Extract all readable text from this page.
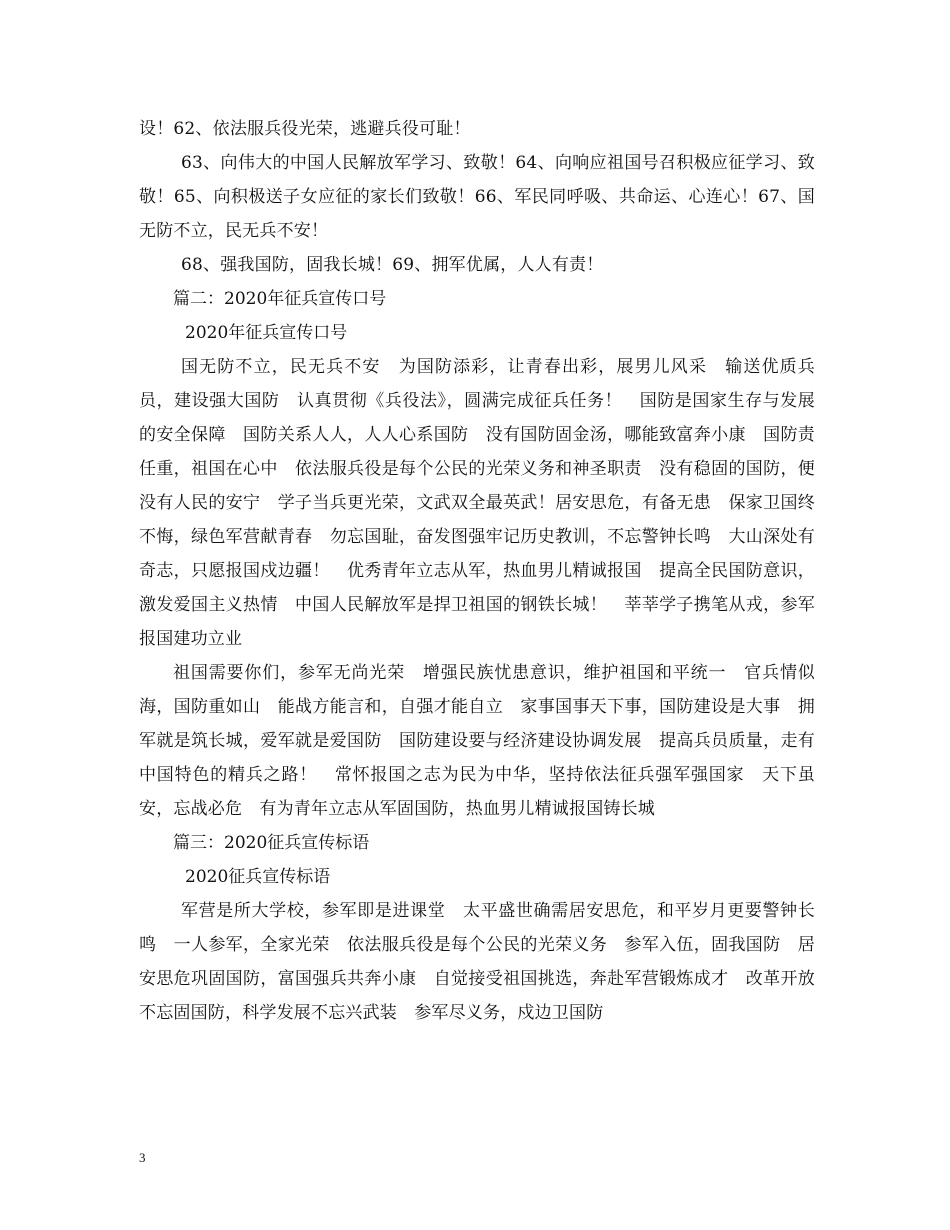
设！62、依法服兵役光荣，逃避兵役可耻！

63、向伟大的中国人民解放军学习、致敬！64、向响应祖国号召积极应征学习、致敬！65、向积极送子女应征的家长们致敬！66、军民同呼吸、共命运、心连心！67、国无防不立，民无兵不安！

68、强我国防，固我长城！69、拥军优属，人人有责！

篇二：2020年征兵宣传口号

2020年征兵宣传口号

国无防不立，民无兵不安　为国防添彩，让青春出彩，展男儿风采　输送优质兵员，建设强大国防　认真贯彻《兵役法》，圆满完成征兵任务！　国防是国家生存与发展的安全保障　国防关系人人，人人心系国防　没有国防固金汤，哪能致富奔小康　国防责任重，祖国在心中　依法服兵役是每个公民的光荣义务和神圣职责　没有稳固的国防，便没有人民的安宁　学子当兵更光荣，文武双全最英武！居安思危，有备无患　保家卫国终不悔，绿色军营献青春　勿忘国耻，奋发图强牢记历史教训，不忘警钟长鸣　大山深处有奇志，只愿报国戍边疆！　优秀青年立志从军，热血男儿精诚报国　提高全民国防意识，激发爱国主义热情　中国人民解放军是捍卫祖国的钢铁长城！　莘莘学子携笔从戎，参军报国建功立业

祖国需要你们，参军无尚光荣　增强民族忧患意识，维护祖国和平统一　官兵情似海，国防重如山　能战方能言和，自强才能自立　家事国事天下事，国防建设是大事　拥军就是筑长城，爱军就是爱国防　国防建设要与经济建设协调发展　提高兵员质量，走有中国特色的精兵之路！　常怀报国之志为民为中华，坚持依法征兵强军强国家　天下虽安，忘战必危　有为青年立志从军固国防，热血男儿精诚报国铸长城

篇三：2020征兵宣传标语

2020征兵宣传标语

军营是所大学校，参军即是进课堂　太平盛世确需居安思危，和平岁月更要警钟长鸣　一人参军，全家光荣　依法服兵役是每个公民的光荣义务　参军入伍，固我国防　居安思危巩固国防，富国强兵共奔小康　自觉接受祖国挑选，奔赴军营锻炼成才　改革开放不忘固国防，科学发展不忘兴武装　参军尽义务，戍边卫国防

3
